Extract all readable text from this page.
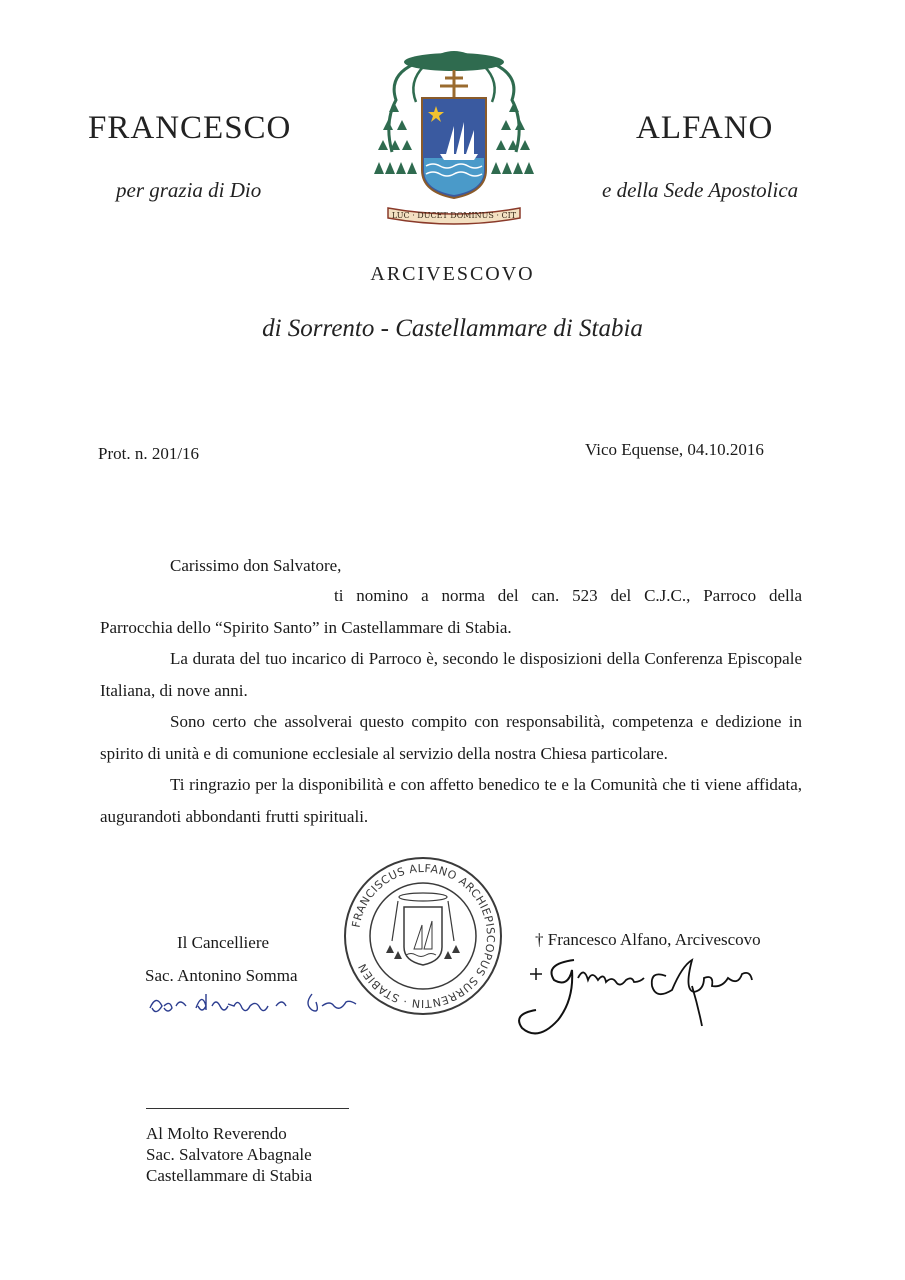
FRANCESCO	ALFANO
per grazia di Dio	e della Sede Apostolica
LUC · DUCET DOMINUS · CIT
ARCIVESCOVO
di Sorrento - Castellammare di Stabia
Prot. n. 201/16	Vico Equense, 04.10.2016
Carissimo don Salvatore,

ti nomino a norma del can. 523 del C.J.C., Parroco della

Parrocchia dello “Spirito Santo” in Castellammare di Stabia.

La durata del tuo incarico di Parroco è, secondo le disposizioni della Conferenza Episcopale Italiana, di nove anni.

Sono certo che assolverai questo compito con responsabilità, competenza e dedizione in spirito di unità e di comunione ecclesiale al servizio della nostra Chiesa particolare.

Ti ringrazio per la disponibilità e con affetto benedico te e la Comunità che ti viene affidata, augurandoti abbondanti frutti spirituali.

FRANCISCUS ALFANO ARCHIEPISCOPUS SURRENTIN · STABIEN
Il Cancelliere
Sac. Antonino Somma
† Francesco Alfano, Arcivescovo
Al Molto Reverendo
Sac. Salvatore Abagnale
Castellammare di Stabia
